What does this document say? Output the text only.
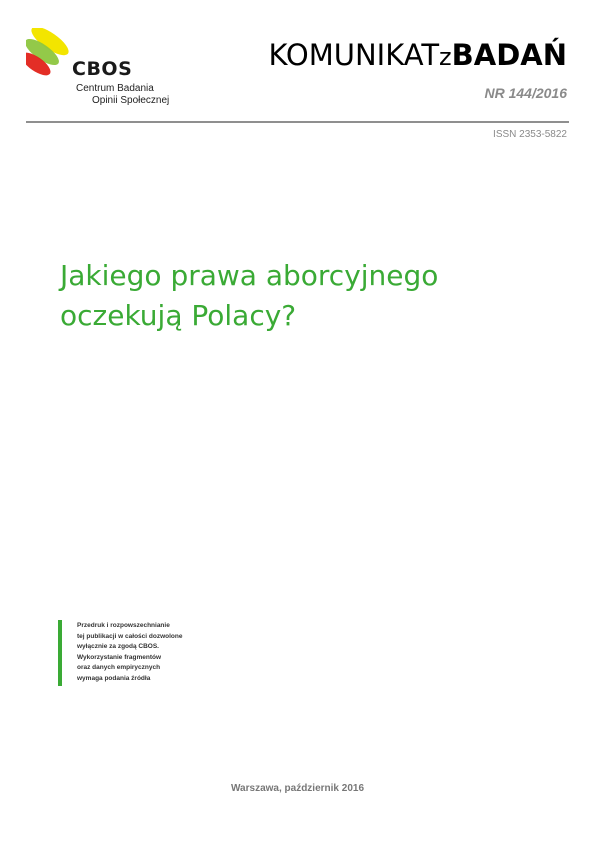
CBOS
Centrum Badania
Opinii Społecznej
KOMUNIKATzBADAŃ
NR 144/2016
ISSN 2353-5822
Jakiego prawa aborcyjnego
oczekują Polacy?
Przedruk i rozpowszechnianie
tej publikacji w całości dozwolone
wyłącznie za zgodą CBOS.
Wykorzystanie fragmentów
oraz danych empirycznych
wymaga podania źródła
Warszawa, październik 2016
